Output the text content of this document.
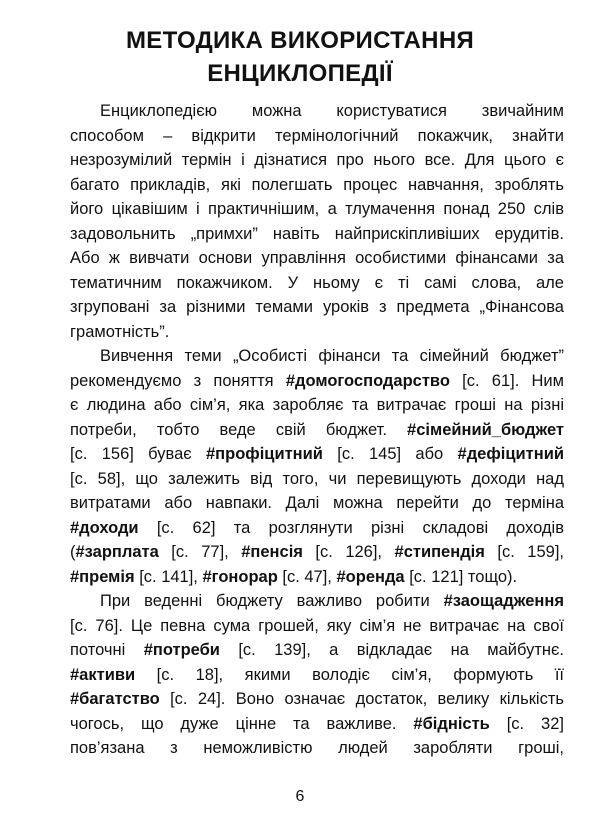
МЕТОДИКА ВИКОРИСТАННЯ
ЕНЦИКЛОПЕДІЇ
Енциклопедією можна користуватися звичайним
способом – відкрити термінологічний покажчик, знайти
незрозумілий термін і дізнатися про нього все. Для цього є
багато прикладів, які полегшать процес навчання, зроблять
його цікавішим і практичнішим, а тлумачення понад 250 слів
задовольнить „примхи” навіть найприскіпливіших ерудитів.
Або ж вивчати основи управління особистими фінансами за
тематичним покажчиком. У ньому є ті самі слова, але
згруповані за різними темами уроків з предмета „Фінансова
грамотність”.
Вивчення теми „Особисті фінанси та сімейний бюджет”
рекомендуємо з поняття #домогосподарство [с. 61]. Ним
є людина або сім’я, яка заробляє та витрачає гроші на різні
потреби, тобто веде свій бюджет. #сімейний_бюджет
[с. 156] буває #профіцитний [с. 145] або #дефіцитний
[с. 58], що залежить від того, чи перевищують доходи над
витратами або навпаки. Далі можна перейти до терміна
#доходи [с. 62] та розглянути різні складові доходів
(#зарплата [с. 77], #пенсія [с. 126], #стипендія [с. 159],
#премія [с. 141], #гонорар [с. 47], #оренда [с. 121] тощо).
При веденні бюджету важливо робити #заощадження
[с. 76]. Це певна сума грошей, яку сім’я не витрачає на свої
поточні #потреби [с. 139], а відкладає на майбутнє.
#активи [с. 18], якими володіє сім’я, формують її
#багатство [с. 24]. Воно означає достаток, велику кількість
чогось, що дуже цінне та важливе. #бідність [с. 32]
пов’язана з неможливістю людей заробляти гроші,
6
